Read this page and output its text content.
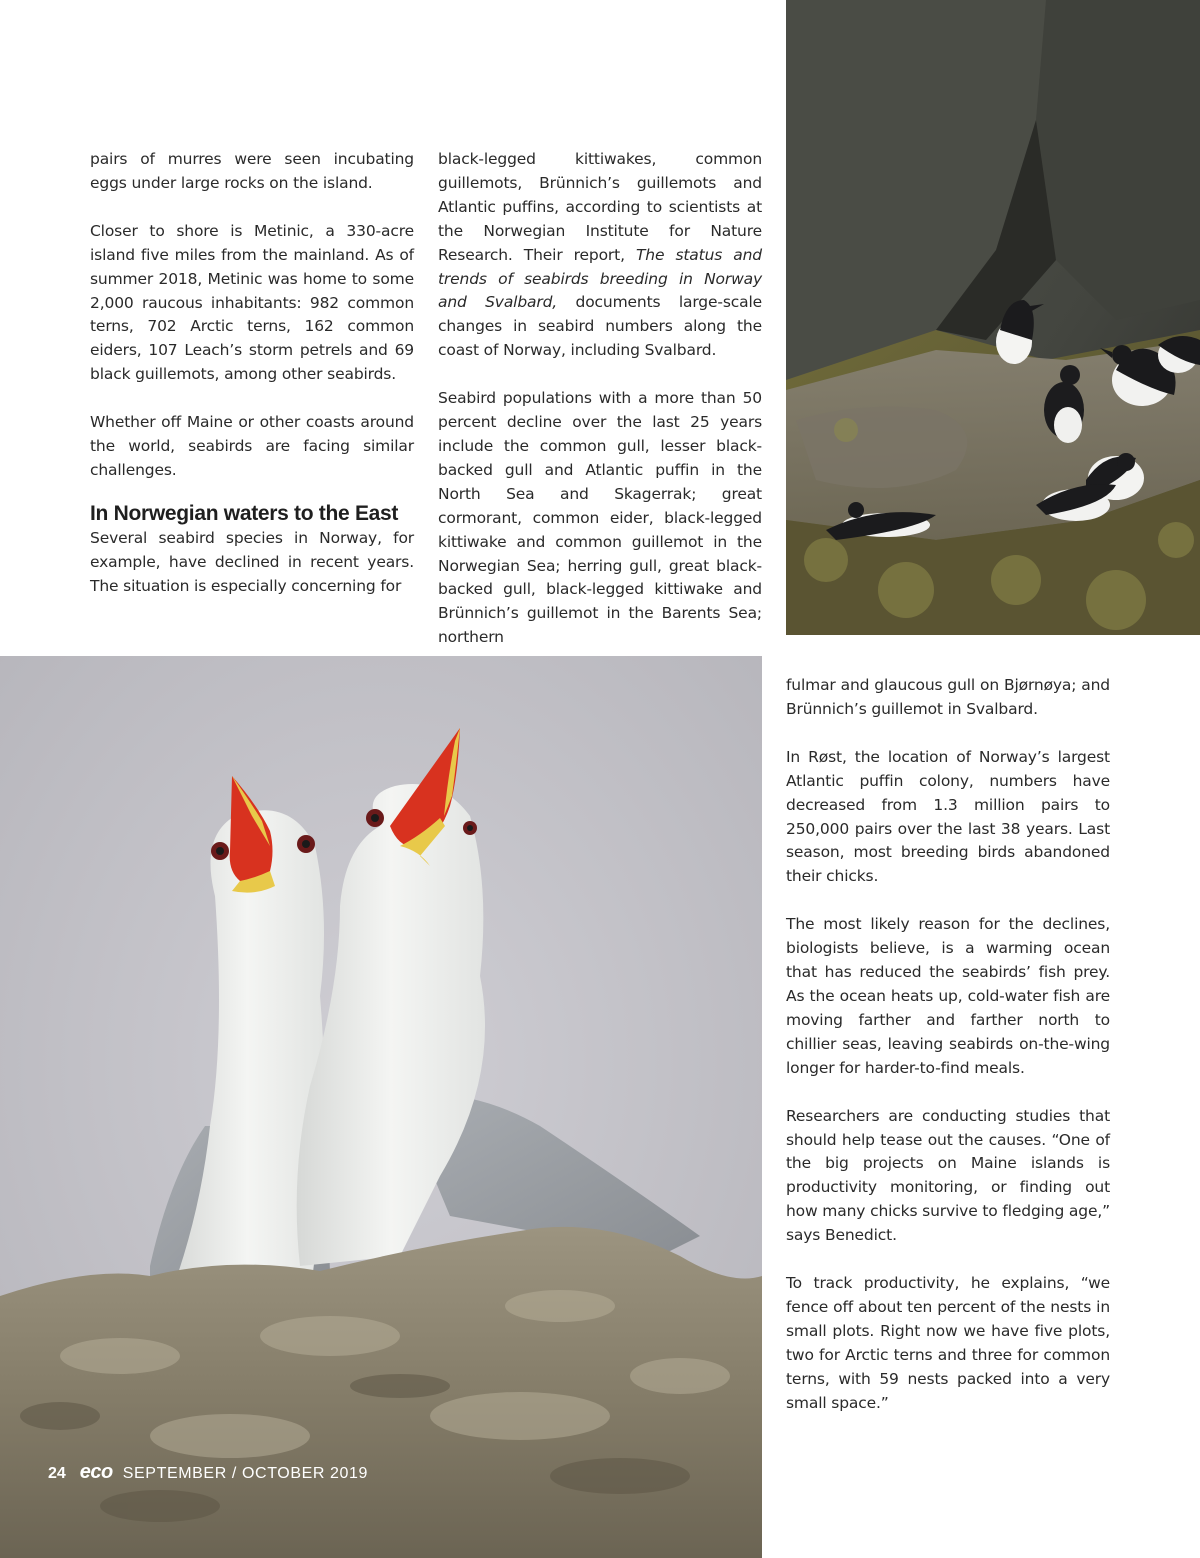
pairs of murres were seen incubating eggs under large rocks on the island.

Closer to shore is Metinic, a 330-acre island five miles from the mainland. As of summer 2018, Metinic was home to some 2,000 raucous inhabitants: 982 common terns, 702 Arctic terns, 162 common eiders, 107 Leach’s storm petrels and 69 black guillemots, among other seabirds.

Whether off Maine or other coasts around the world, seabirds are facing similar challenges.

In Norwegian waters to the East

Several seabird species in Norway, for example, have declined in recent years. The situation is especially concerning for

black-legged kittiwakes, common guillemots, Brünnich’s guillemots and Atlantic puffins, according to scientists at the Norwegian Institute for Nature Research. Their report, The status and trends of seabirds breeding in Norway and Svalbard, documents large-scale changes in seabird numbers along the coast of Norway, including Svalbard.

Seabird populations with a more than 50 percent decline over the last 25 years include the common gull, lesser black-backed gull and Atlantic puffin in the North Sea and Skagerrak; great cormorant, common eider, black-legged kittiwake and common guillemot in the Norwegian Sea; herring gull, great black-backed gull, black-legged kittiwake and Brünnich’s guillemot in the Barents Sea; northern

fulmar and glaucous gull on Bjørnøya; and Brünnich’s guillemot in Svalbard.

In Røst, the location of Norway’s largest Atlantic puffin colony, numbers have decreased from 1.3 million pairs to 250,000 pairs over the last 38 years. Last season, most breeding birds abandoned their chicks.

The most likely reason for the declines, biologists believe, is a warming ocean that has reduced the seabirds’ fish prey. As the ocean heats up, cold-water fish are moving farther and farther north to chillier seas, leaving seabirds on-the-wing longer for harder-to-find meals.

Researchers are conducting studies that should help tease out the causes. “One of the big projects on Maine islands is productivity monitoring, or finding out how many chicks survive to fledging age,” says Benedict.

To track productivity, he explains, “we fence off about ten percent of the nests in small plots. Right now we have five plots, two for Arctic terns and three for common terns, with 59 nests packed into a very small space.”

24 eco SEPTEMBER / OCTOBER 2019
